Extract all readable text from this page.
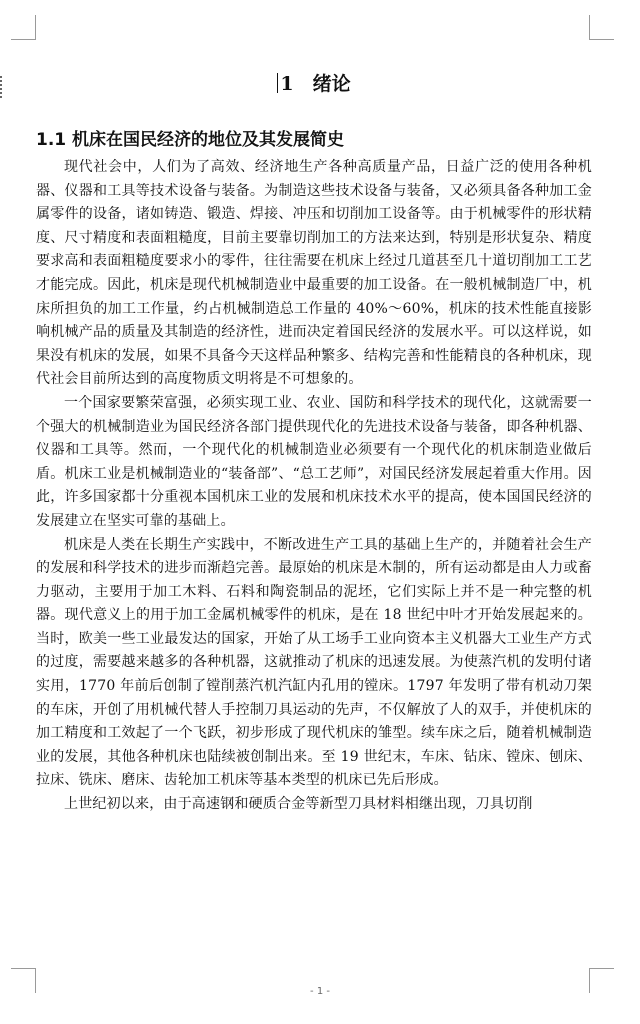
1　绪论
1.1 机床在国民经济的地位及其发展简史

现代社会中，人们为了高效、经济地生产各种高质量产品，日益广泛的使用各种机器、仪器和工具等技术设备与装备。为制造这些技术设备与装备，又必须具备各种加工金属零件的设备，诸如铸造、锻造、焊接、冲压和切削加工设备等。由于机械零件的形状精度、尺寸精度和表面粗糙度，目前主要靠切削加工的方法来达到，特别是形状复杂、精度要求高和表面粗糙度要求小的零件，往往需要在机床上经过几道甚至几十道切削加工工艺才能完成。因此，机床是现代机械制造业中最重要的加工设备。在一般机械制造厂中，机床所担负的加工工作量，约占机械制造总工作量的 40%～60%，机床的技术性能直接影响机械产品的质量及其制造的经济性，进而决定着国民经济的发展水平。可以这样说，如果没有机床的发展，如果不具备今天这样品种繁多、结构完善和性能精良的各种机床，现代社会目前所达到的高度物质文明将是不可想象的。

一个国家要繁荣富强，必须实现工业、农业、国防和科学技术的现代化，这就需要一个强大的机械制造业为国民经济各部门提供现代化的先进技术设备与装备，即各种机器、仪器和工具等。然而，一个现代化的机械制造业必须要有一个现代化的机床制造业做后盾。机床工业是机械制造业的“装备部”、“总工艺师”，对国民经济发展起着重大作用。因此，许多国家都十分重视本国机床工业的发展和机床技术水平的提高，使本国国民经济的发展建立在坚实可靠的基础上。

机床是人类在长期生产实践中，不断改进生产工具的基础上生产的，并随着社会生产的发展和科学技术的进步而渐趋完善。最原始的机床是木制的，所有运动都是由人力或畜力驱动，主要用于加工木料、石料和陶瓷制品的泥坯，它们实际上并不是一种完整的机器。现代意义上的用于加工金属机械零件的机床，是在 18 世纪中叶才开始发展起来的。当时，欧美一些工业最发达的国家，开始了从工场手工业向资本主义机器大工业生产方式的过度，需要越来越多的各种机器，这就推动了机床的迅速发展。为使蒸汽机的发明付诸实用，1770 年前后创制了镗削蒸汽机汽缸内孔用的镗床。1797 年发明了带有机动刀架的车床，开创了用机械代替人手控制刀具运动的先声，不仅解放了人的双手，并使机床的加工精度和工效起了一个飞跃，初步形成了现代机床的雏型。续车床之后，随着机械制造业的发展，其他各种机床也陆续被创制出来。至 19 世纪末，车床、钻床、镗床、刨床、拉床、铣床、磨床、齿轮加工机床等基本类型的机床已先后形成。

上世纪初以来，由于高速钢和硬质合金等新型刀具材料相继出现，刀具切削

- 1 -
